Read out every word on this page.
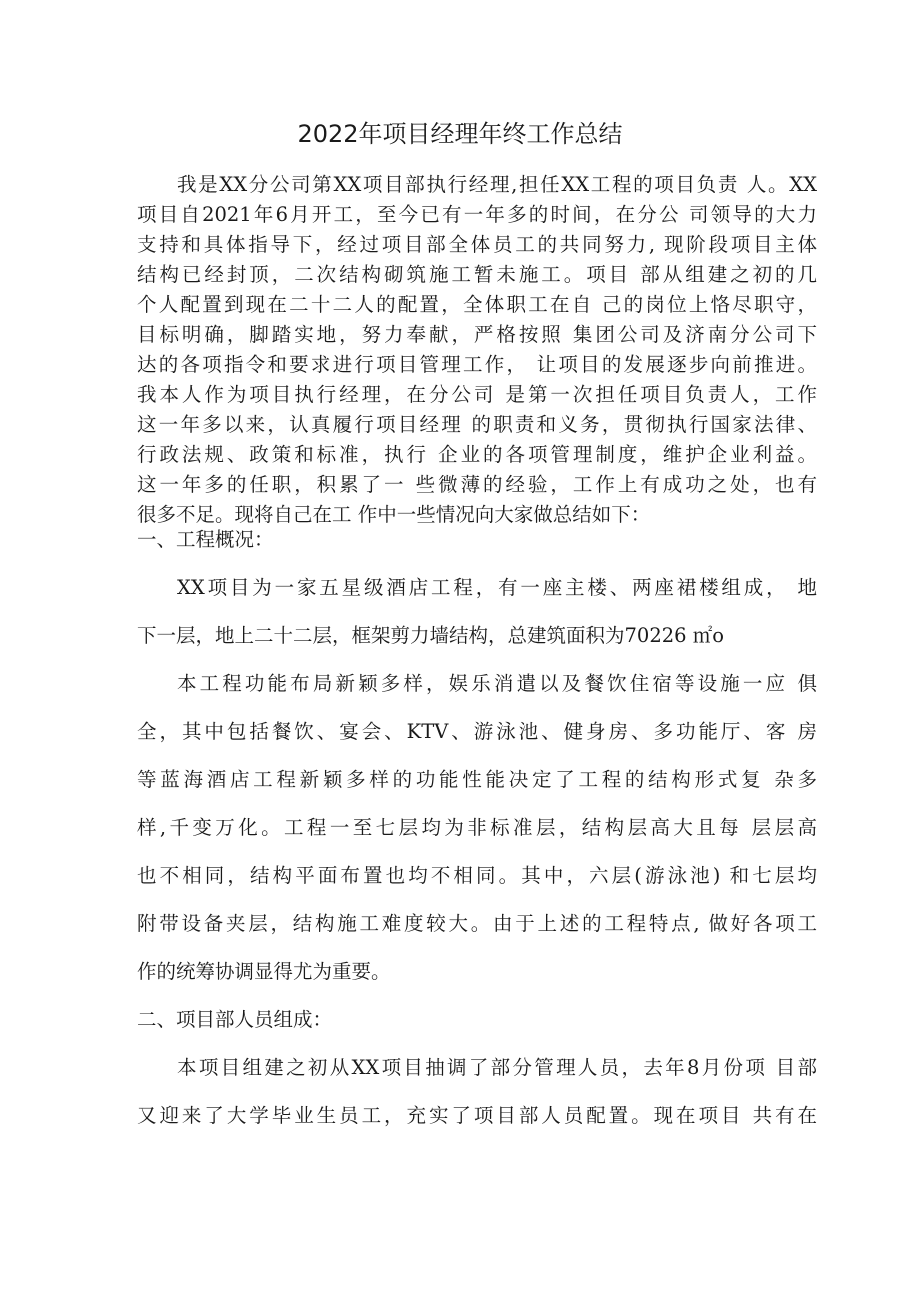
2022年项目经理年终工作总结
我是XX分公司第XX项目部执行经理,担任XX工程的项目负责 人。XX
项目自2021年6月开工，至今已有一年多的时间，在分公 司领导的大力
支持和具体指导下，经过项目部全体员工的共同努力, 现阶段项目主体
结构已经封顶，二次结构砌筑施工暂未施工。项目 部从组建之初的几
个人配置到现在二十二人的配置，全体职工在自 己的岗位上恪尽职守，
目标明确，脚踏实地，努力奉献，严格按照 集团公司及济南分公司下
达的各项指令和要求进行项目管理工作， 让项目的发展逐步向前推进。
我本人作为项目执行经理，在分公司 是第一次担任项目负责人，工作
这一年多以来，认真履行项目经理 的职责和义务，贯彻执行国家法律、
行政法规、政策和标准，执行 企业的各项管理制度，维护企业利益。
这一年多的任职，积累了一 些微薄的经验，工作上有成功之处，也有
很多不足。现将自己在工 作中一些情况向大家做总结如下：
一、工程概况：
XX项目为一家五星级酒店工程，有一座主楼、两座裙楼组成， 地
下一层，地上二十二层，框架剪力墙结构，总建筑面积为70226 ㎡o
本工程功能布局新颖多样，娱乐消遣以及餐饮住宿等设施一应 俱
全，其中包括餐饮、宴会、KTV、游泳池、健身房、多功能厅、客 房
等蓝海酒店工程新颖多样的功能性能决定了工程的结构形式复 杂多
样,千变万化。工程一至七层均为非标准层，结构层高大且每 层层高
也不相同，结构平面布置也均不相同。其中，六层(游泳池) 和七层均
附带设备夹层，结构施工难度较大。由于上述的工程特点, 做好各项工
作的统筹协调显得尤为重要。
二、项目部人员组成：
本项目组建之初从XX项目抽调了部分管理人员，去年8月份项 目部
又迎来了大学毕业生员工，充实了项目部人员配置。现在项目 共有在
